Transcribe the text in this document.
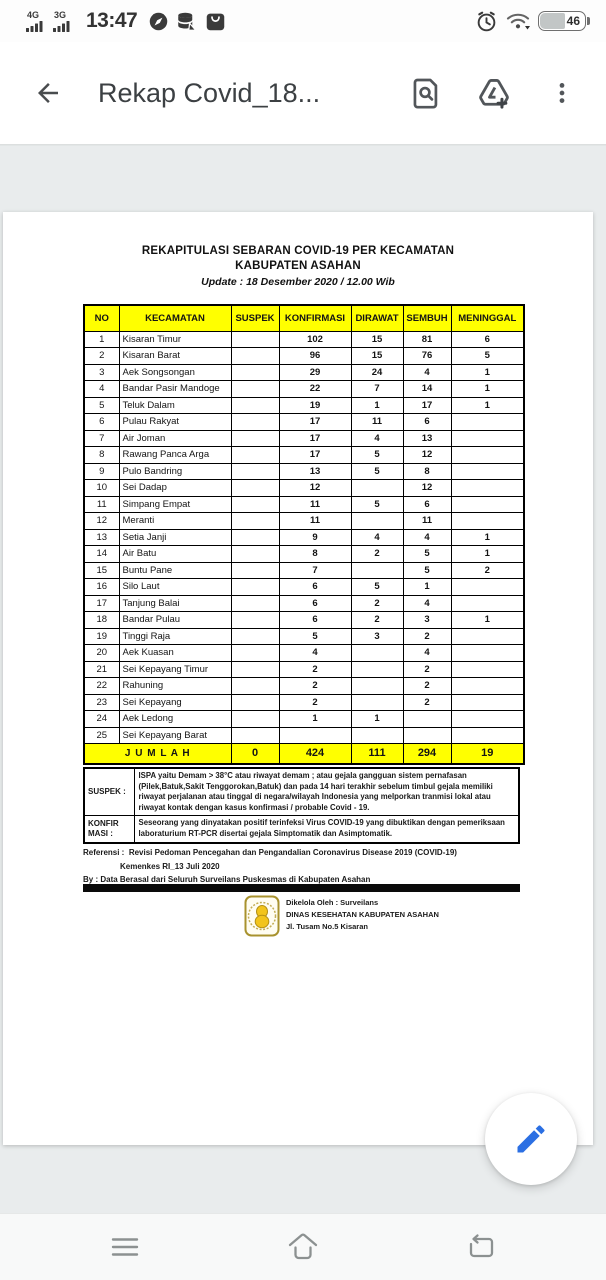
4G 3G 13:47	46
Rekap Covid_18...
REKAPITULASI SEBARAN COVID-19 PER KECAMATAN
KABUPATEN ASAHAN
Update : 18 Desember 2020 / 12.00 Wib
NO	KECAMATAN	SUSPEK	KONFIRMASI	DIRAWAT	SEMBUH	MENINGGAL
1	Kisaran Timur		102	15	81	6
2	Kisaran Barat		96	15	76	5
3	Aek Songsongan		29	24	4	1
4	Bandar Pasir Mandoge		22	7	14	1
5	Teluk Dalam		19	1	17	1
6	Pulau Rakyat		17	11	6	
7	Air Joman		17	4	13	
8	Rawang Panca Arga		17	5	12	
9	Pulo Bandring		13	5	8	
10	Sei Dadap		12		12	
11	Simpang Empat		11	5	6	
12	Meranti		11		11	
13	Setia Janji		9	4	4	1
14	Air Batu		8	2	5	1
15	Buntu Pane		7		5	2
16	Silo Laut		6	5	1	
17	Tanjung Balai		6	2	4	
18	Bandar Pulau		6	2	3	1
19	Tinggi Raja		5	3	2	
20	Aek Kuasan		4		4	
21	Sei Kepayang Timur		2		2	
22	Rahuning		2		2	
23	Sei Kepayang		2		2	
24	Aek Ledong		1	1		
25	Sei Kepayang Barat					
J U M L A H		0	424	111	294	19
SUSPEK :	ISPA yaitu Demam > 38°C atau riwayat demam ; atau gejala gangguan sistem pernafasan (Pilek,Batuk,Sakit Tenggorokan,Batuk) dan pada 14 hari terakhir sebelum timbul gejala memiliki riwayat perjalanan atau tinggal di negara/wilayah Indonesia yang melporkan tranmisi lokal atau riwayat kontak dengan kasus konfirmasi / probable Covid - 19.
KONFIR MASI :	Seseorang yang dinyatakan positif terinfeksi Virus COVID-19 yang dibuktikan dengan pemeriksaan laboraturium RT-PCR disertai gejala Simptomatik dan Asimptomatik.
Referensi : Revisi Pedoman Pencegahan dan Pengandalian Coronavirus Disease 2019 (COVID-19)
Kemenkes RI_13 Juli 2020
By : Data Berasal dari Seluruh Surveilans Puskesmas di Kabupaten Asahan
Dikelola Oleh : Surveilans
DINAS KESEHATAN KABUPATEN ASAHAN
Jl. Tusam No.5 Kisaran
